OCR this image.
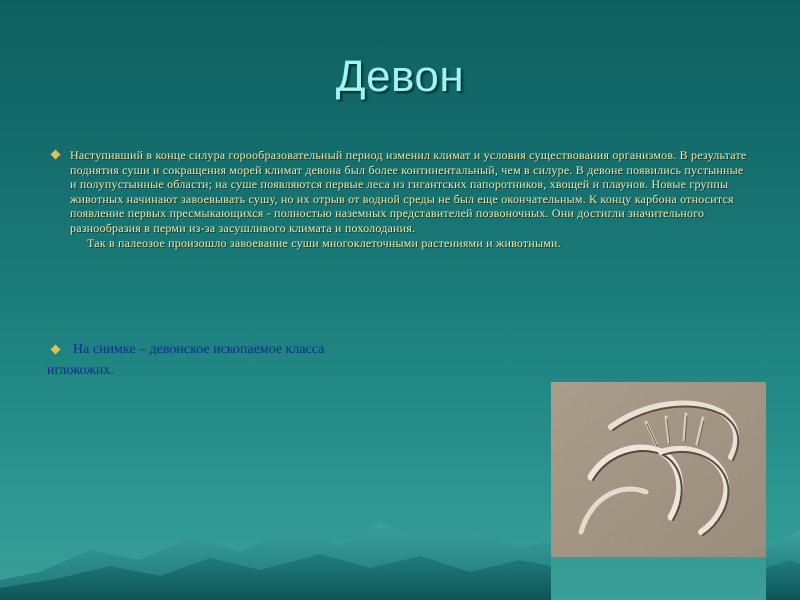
Девон
Наступивший в конце силура горообразовательный период изменил климат и условия существования организмов. В результате поднятия суши и сокращения морей климат девона был более континентальный, чем в силуре. В девоне появились пустынные и полупустынные области; на суше появляются первые леса из гигантских папоротников, хвощей и плаунов. Новые группы животных начинают завоевывать сушу, но их отрыв от водной среды не был еще окончательным. К концу карбона относится появление первых пресмыкающихся - полностью наземных представителей позвоночных. Они достигли значительного разнообразия в перми из-за засушливого климата и похолодания.
Так в палеозое произошло завоевание суши многоклеточными растениями и животными.
На снимке – девонское ископаемое класса
иглокожих.
